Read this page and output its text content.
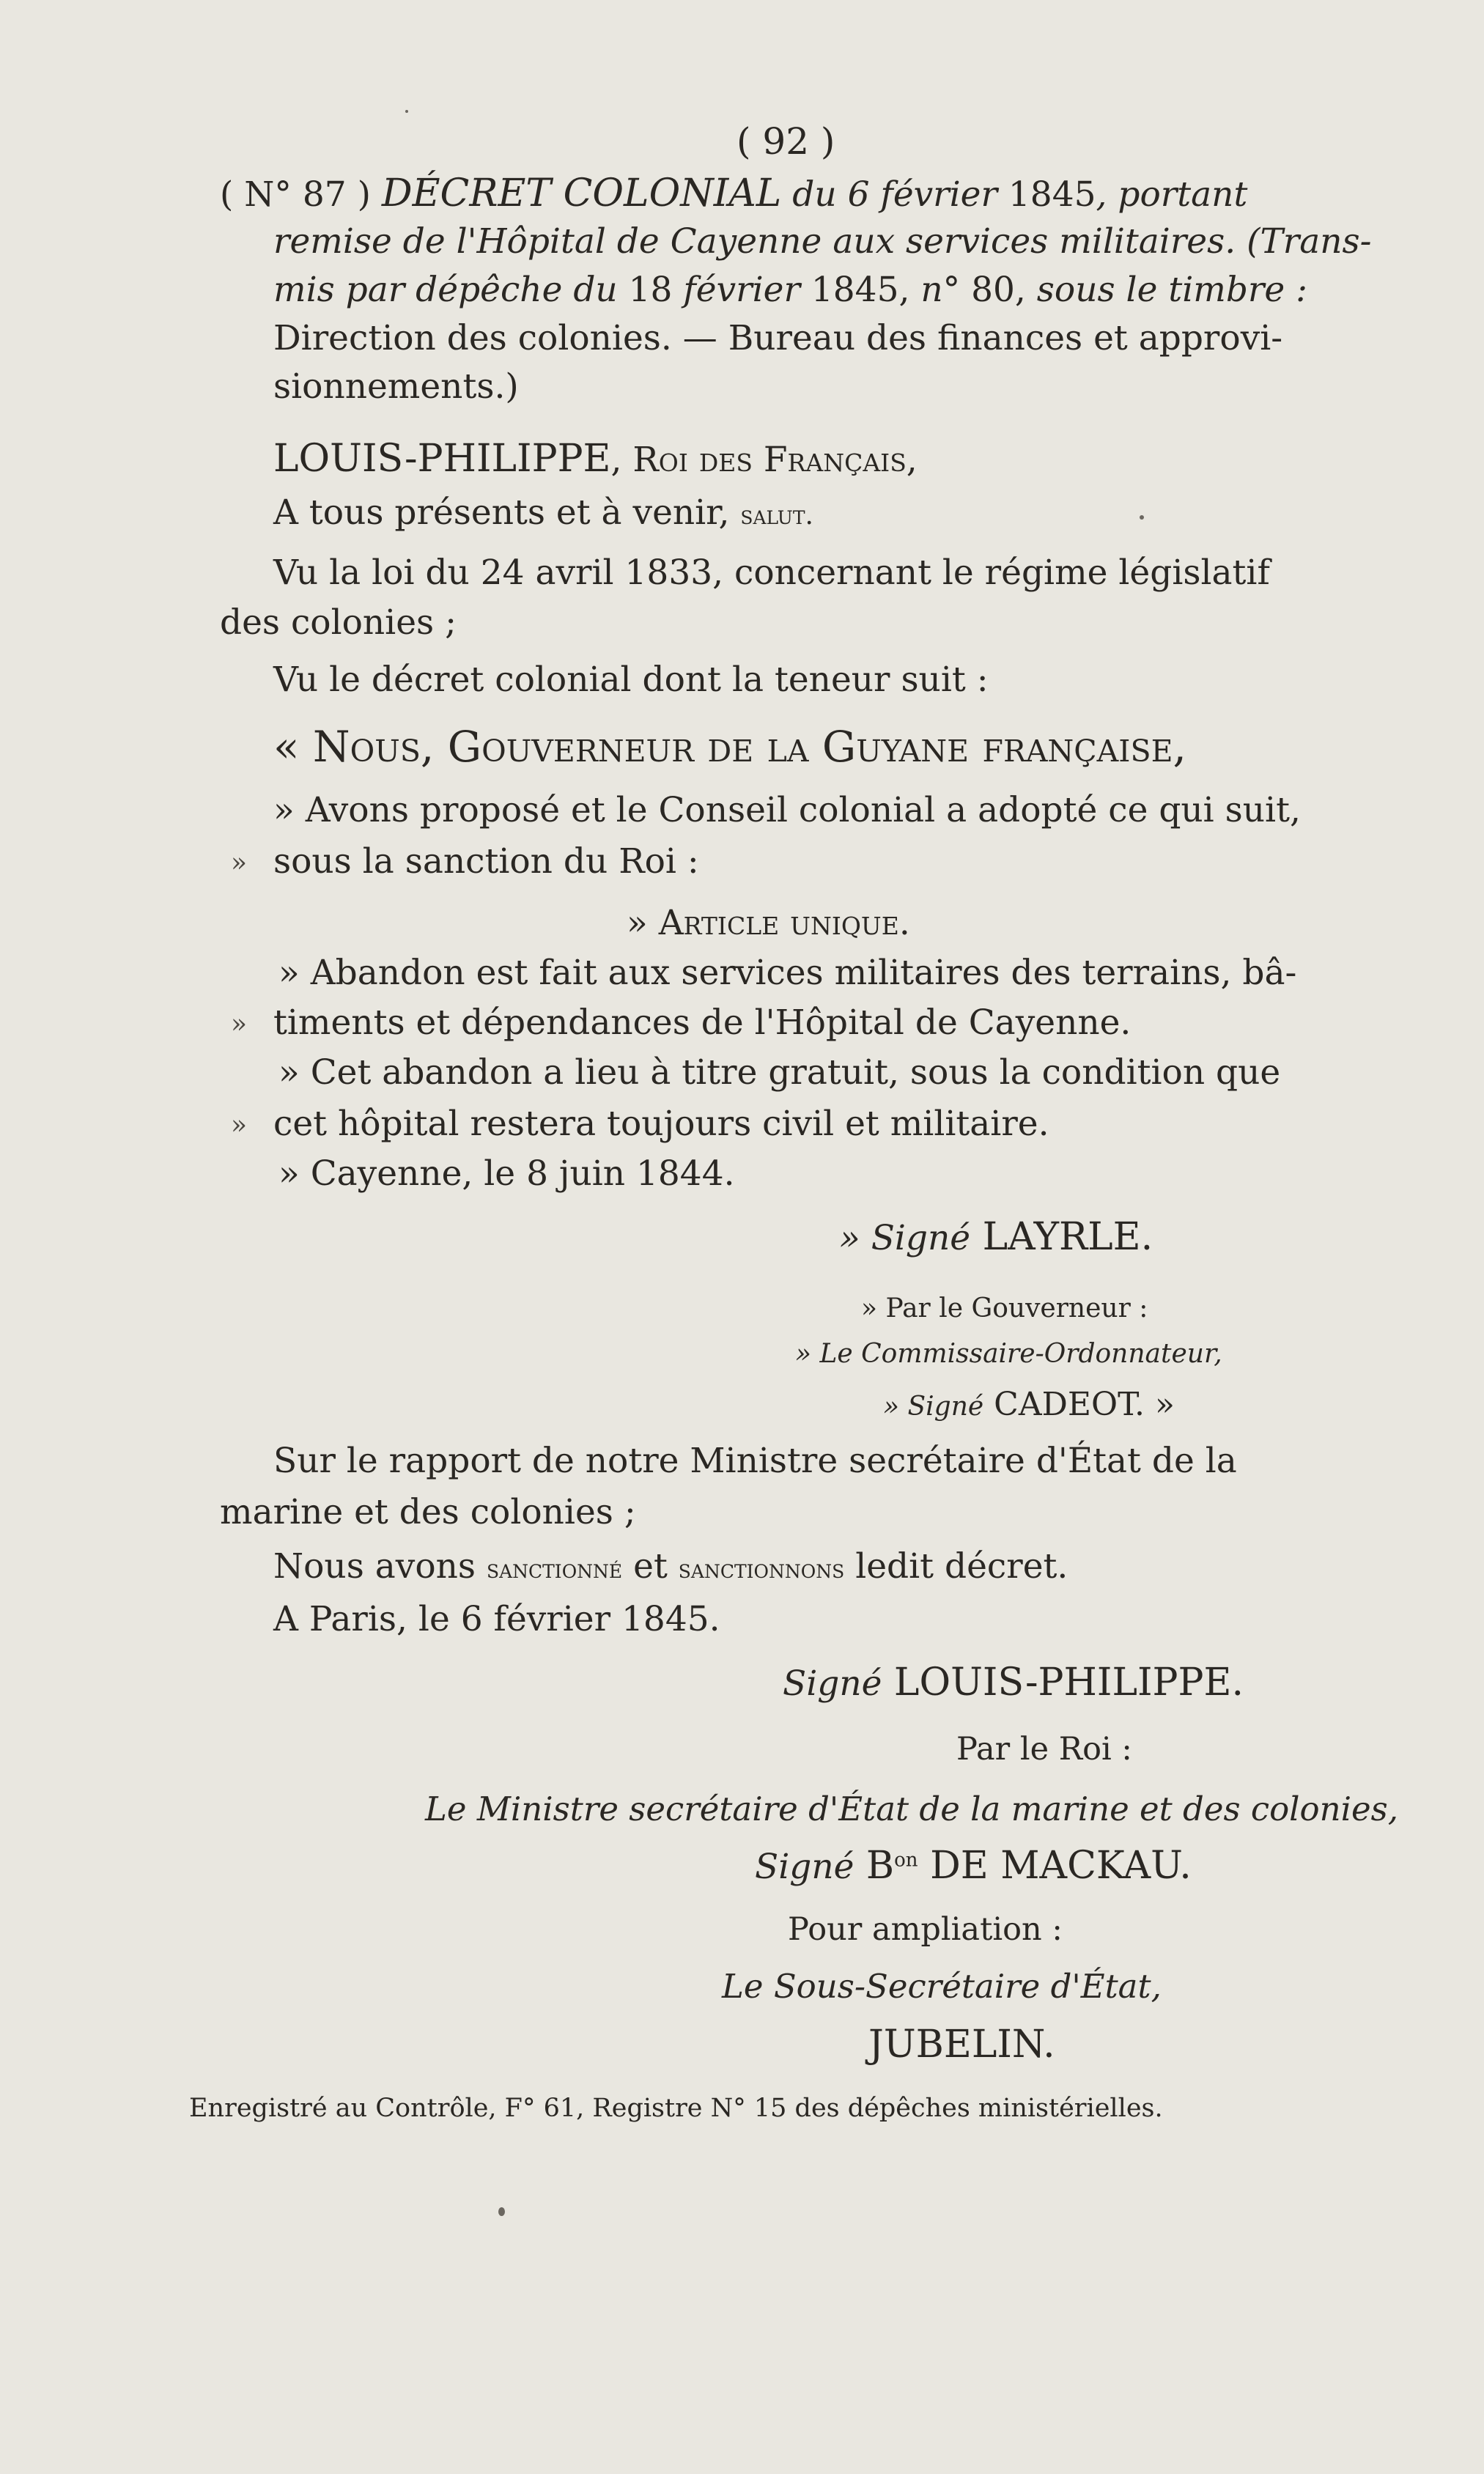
( 92 )
( N° 87 ) DÉCRET COLONIAL du 6 février 1845, portant
remise de l'Hôpital de Cayenne aux services militaires. (Trans-
mis par dépêche du 18 février 1845, n° 80, sous le timbre :
Direction des colonies. — Bureau des finances et approvi-
sionnements.)
LOUIS-PHILIPPE, Roi des Français,
A tous présents et à venir, salut.
Vu la loi du 24 avril 1833, concernant le régime législatif
des colonies ;
Vu le décret colonial dont la teneur suit :
« Nous, Gouverneur de la Guyane française,
» Avons proposé et le Conseil colonial a adopté ce qui suit,
» sous la sanction du Roi :
» Article unique.
» Abandon est fait aux services militaires des terrains, bâ-
» timents et dépendances de l'Hôpital de Cayenne.
» Cet abandon a lieu à titre gratuit, sous la condition que
» cet hôpital restera toujours civil et militaire.
» Cayenne, le 8 juin 1844.
» Signé LAYRLE.
» Par le Gouverneur :
» Le Commissaire-Ordonnateur,
» Signé CADEOT. »
Sur le rapport de notre Ministre secrétaire d'État de la
marine et des colonies ;
Nous avons sanctionné et sanctionnons ledit décret.
A Paris, le 6 février 1845.
Signé LOUIS-PHILIPPE.
Par le Roi :
Le Ministre secrétaire d'État de la marine et des colonies,
Signé $B^{on}$ DE MACKAU.
Pour ampliation :
Le Sous-Secrétaire d'État,
JUBELIN.
Enregistré au Contrôle, F° 61, Registre N° 15 des dépêches ministérielles.
